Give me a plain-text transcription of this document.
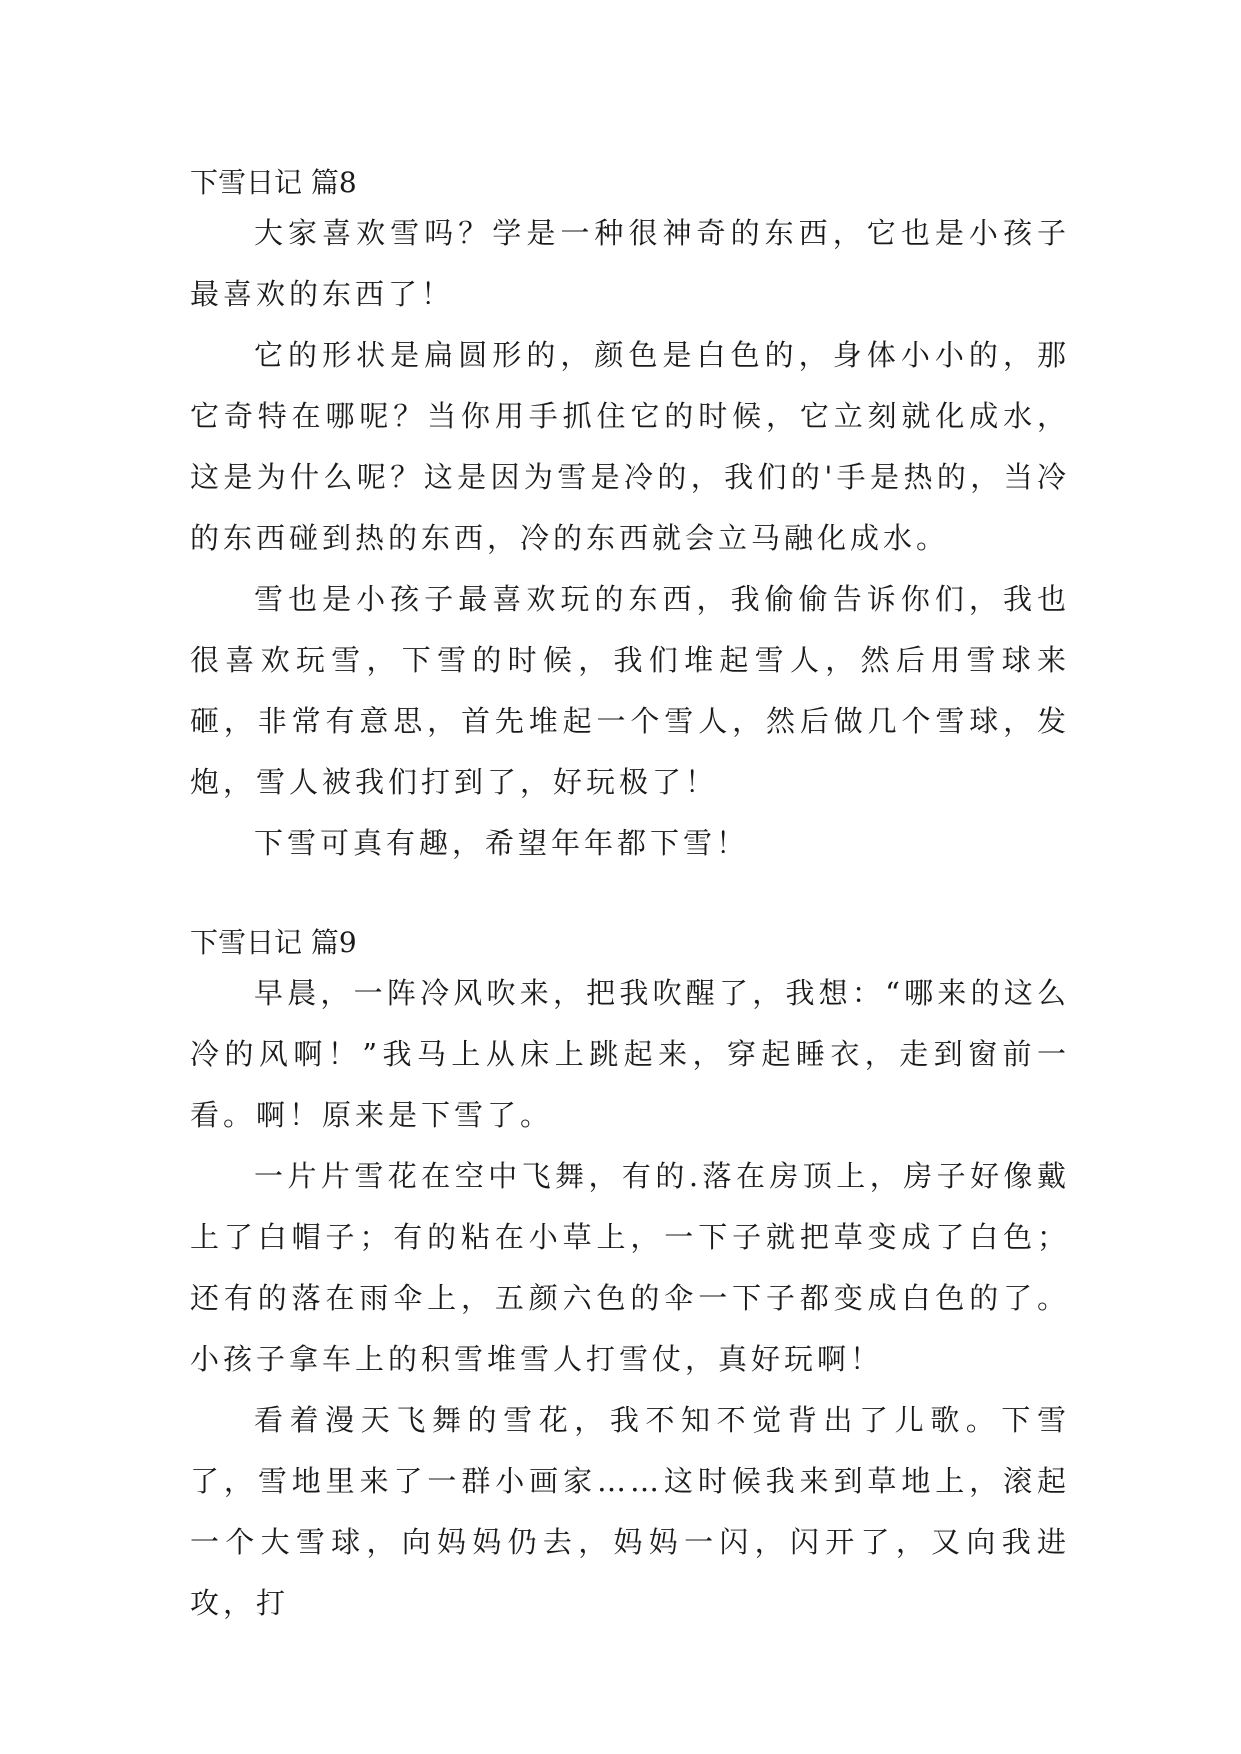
下雪日记 篇8

大家喜欢雪吗？学是一种很神奇的东西，它也是小孩子最喜欢的东西了！

它的形状是扁圆形的，颜色是白色的，身体小小的，那它奇特在哪呢？当你用手抓住它的时候，它立刻就化成水，这是为什么呢？这是因为雪是冷的，我们的'手是热的，当冷的东西碰到热的东西，冷的东西就会立马融化成水。

雪也是小孩子最喜欢玩的东西，我偷偷告诉你们，我也很喜欢玩雪，下雪的时候，我们堆起雪人，然后用雪球来砸，非常有意思，首先堆起一个雪人，然后做几个雪球，发炮，雪人被我们打到了，好玩极了！

下雪可真有趣，希望年年都下雪！

下雪日记 篇9

早晨，一阵冷风吹来，把我吹醒了，我想：“哪来的这么冷的风啊！”我马上从床上跳起来，穿起睡衣，走到窗前一看。啊！原来是下雪了。

一片片雪花在空中飞舞，有的.落在房顶上，房子好像戴上了白帽子；有的粘在小草上，一下子就把草变成了白色；还有的落在雨伞上，五颜六色的伞一下子都变成白色的了。小孩子拿车上的积雪堆雪人打雪仗，真好玩啊！

看着漫天飞舞的雪花，我不知不觉背出了儿歌。下雪了，雪地里来了一群小画家……这时候我来到草地上，滚起一个大雪球，向妈妈仍去，妈妈一闪，闪开了，又向我进攻，打
